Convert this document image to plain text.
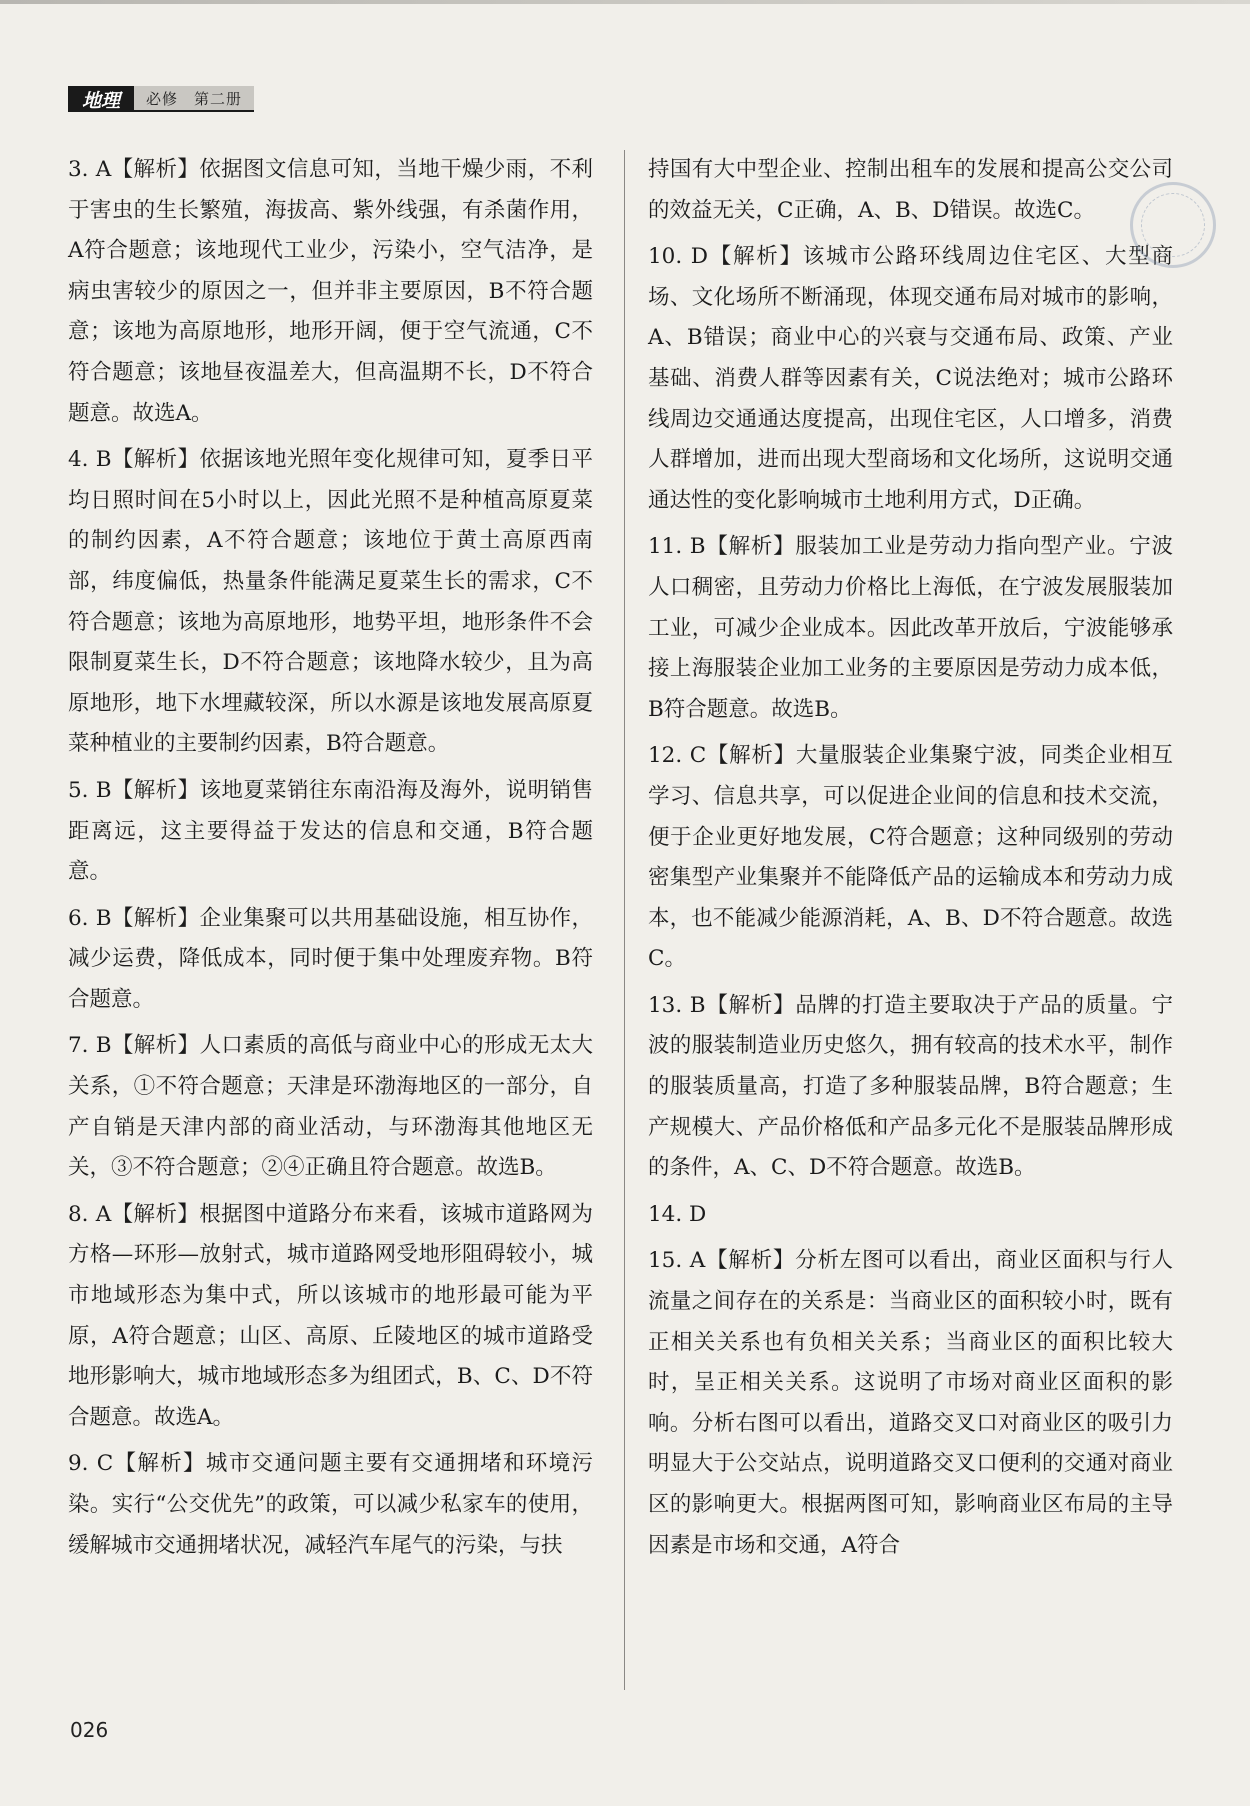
地理	必修　第二册

3. A【解析】依据图文信息可知，当地干燥少雨，不利于害虫的生长繁殖，海拔高、紫外线强，有杀菌作用，A符合题意；该地现代工业少，污染小，空气洁净，是病虫害较少的原因之一，但并非主要原因，B不符合题意；该地为高原地形，地形开阔，便于空气流通，C不符合题意；该地昼夜温差大，但高温期不长，D不符合题意。故选A。

4. B【解析】依据该地光照年变化规律可知，夏季日平均日照时间在5小时以上，因此光照不是种植高原夏菜的制约因素，A不符合题意；该地位于黄土高原西南部，纬度偏低，热量条件能满足夏菜生长的需求，C不符合题意；该地为高原地形，地势平坦，地形条件不会限制夏菜生长，D不符合题意；该地降水较少，且为高原地形，地下水埋藏较深，所以水源是该地发展高原夏菜种植业的主要制约因素，B符合题意。

5. B【解析】该地夏菜销往东南沿海及海外，说明销售距离远，这主要得益于发达的信息和交通，B符合题意。

6. B【解析】企业集聚可以共用基础设施，相互协作，减少运费，降低成本，同时便于集中处理废弃物。B符合题意。

7. B【解析】人口素质的高低与商业中心的形成无太大关系，①不符合题意；天津是环渤海地区的一部分，自产自销是天津内部的商业活动，与环渤海其他地区无关，③不符合题意；②④正确且符合题意。故选B。

8. A【解析】根据图中道路分布来看，该城市道路网为方格—环形—放射式，城市道路网受地形阻碍较小，城市地域形态为集中式，所以该城市的地形最可能为平原，A符合题意；山区、高原、丘陵地区的城市道路受地形影响大，城市地域形态多为组团式，B、C、D不符合题意。故选A。

9. C【解析】城市交通问题主要有交通拥堵和环境污染。实行“公交优先”的政策，可以减少私家车的使用，缓解城市交通拥堵状况，减轻汽车尾气的污染，与扶

持国有大中型企业、控制出租车的发展和提高公交公司的效益无关，C正确，A、B、D错误。故选C。

10. D【解析】该城市公路环线周边住宅区、大型商场、文化场所不断涌现，体现交通布局对城市的影响，A、B错误；商业中心的兴衰与交通布局、政策、产业基础、消费人群等因素有关，C说法绝对；城市公路环线周边交通通达度提高，出现住宅区，人口增多，消费人群增加，进而出现大型商场和文化场所，这说明交通通达性的变化影响城市土地利用方式，D正确。

11. B【解析】服装加工业是劳动力指向型产业。宁波人口稠密，且劳动力价格比上海低，在宁波发展服装加工业，可减少企业成本。因此改革开放后，宁波能够承接上海服装企业加工业务的主要原因是劳动力成本低，B符合题意。故选B。

12. C【解析】大量服装企业集聚宁波，同类企业相互学习、信息共享，可以促进企业间的信息和技术交流，便于企业更好地发展，C符合题意；这种同级别的劳动密集型产业集聚并不能降低产品的运输成本和劳动力成本，也不能减少能源消耗，A、B、D不符合题意。故选C。

13. B【解析】品牌的打造主要取决于产品的质量。宁波的服装制造业历史悠久，拥有较高的技术水平，制作的服装质量高，打造了多种服装品牌，B符合题意；生产规模大、产品价格低和产品多元化不是服装品牌形成的条件，A、C、D不符合题意。故选B。

14. D

15. A【解析】分析左图可以看出，商业区面积与行人流量之间存在的关系是：当商业区的面积较小时，既有正相关关系也有负相关关系；当商业区的面积比较大时，呈正相关关系。这说明了市场对商业区面积的影响。分析右图可以看出，道路交叉口对商业区的吸引力明显大于公交站点，说明道路交叉口便利的交通对商业区的影响更大。根据两图可知，影响商业区布局的主导因素是市场和交通，A符合

026
